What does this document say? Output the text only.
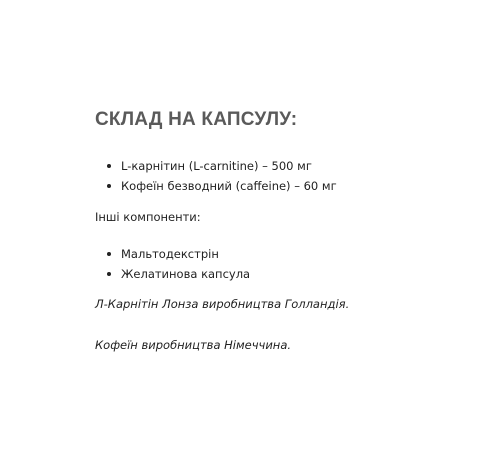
СКЛАД НА КАПСУЛУ:
L-карнітин (L-carnitine) – 500 мг
Кофеїн безводний (caffeine) – 60 мг

Інші компоненти:

Мальтодекстрін
Желатинова капсула

Л-Карнітін Лонза виробництва Голландія.

Кофеїн виробництва Німеччина.
